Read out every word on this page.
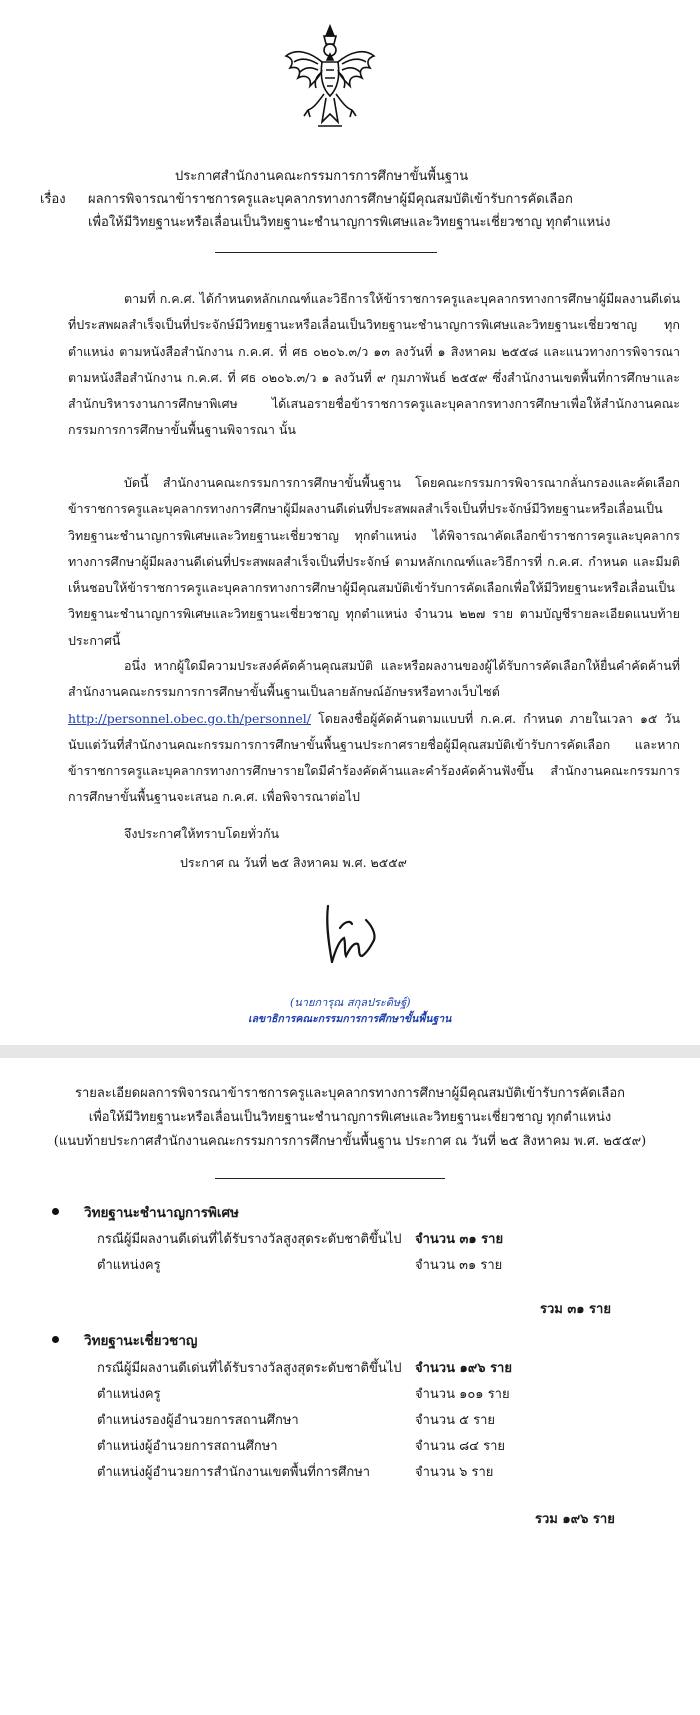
ประกาศสำนักงานคณะกรรมการการศึกษาขั้นพื้นฐาน
เรื่อง ผลการพิจารณาข้าราชการครูและบุคลากรทางการศึกษาผู้มีคุณสมบัติเข้ารับการคัดเลือก
เพื่อให้มีวิทยฐานะหรือเลื่อนเป็นวิทยฐานะชำนาญการพิเศษและวิทยฐานะเชี่ยวชาญ ทุกตำแหน่ง

ตามที่ ก.ค.ศ. ได้กำหนดหลักเกณฑ์และวิธีการให้ข้าราชการครูและบุคลากรทางการศึกษาผู้มีผลงานดีเด่นที่ประสพผลสำเร็จเป็นที่ประจักษ์มีวิทยฐานะหรือเลื่อนเป็นวิทยฐานะชำนาญการพิเศษและวิทยฐานะเชี่ยวชาญ ทุกตำแหน่ง ตามหนังสือสำนักงาน ก.ค.ศ. ที่ ศธ ๐๒๐๖.๓/ว ๑๓ ลงวันที่ ๑ สิงหาคม ๒๕๕๘ และแนวทางการพิจารณา ตามหนังสือสำนักงาน ก.ค.ศ. ที่ ศธ ๐๒๐๖.๓/ว ๑ ลงวันที่ ๙ กุมภาพันธ์ ๒๕๕๙ ซึ่งสำนักงานเขตพื้นที่การศึกษาและสำนักบริหารงานการศึกษาพิเศษ ได้เสนอรายชื่อข้าราชการครูและบุคลากรทางการศึกษาเพื่อให้สำนักงานคณะกรรมการการศึกษาขั้นพื้นฐานพิจารณา นั้น

บัดนี้ สำนักงานคณะกรรมการการศึกษาขั้นพื้นฐาน โดยคณะกรรมการพิจารณากลั่นกรองและคัดเลือกข้าราชการครูและบุคลากรทางการศึกษาผู้มีผลงานดีเด่นที่ประสพผลสำเร็จเป็นที่ประจักษ์มีวิทยฐานะหรือเลื่อนเป็นวิทยฐานะชำนาญการพิเศษและวิทยฐานะเชี่ยวชาญ ทุกตำแหน่ง ได้พิจารณาคัดเลือกข้าราชการครูและบุคลากรทางการศึกษาผู้มีผลงานดีเด่นที่ประสพผลสำเร็จเป็นที่ประจักษ์ ตามหลักเกณฑ์และวิธีการที่ ก.ค.ศ. กำหนด และมีมติเห็นชอบให้ข้าราชการครูและบุคลากรทางการศึกษาผู้มีคุณสมบัติเข้ารับการคัดเลือกเพื่อให้มีวิทยฐานะหรือเลื่อนเป็นวิทยฐานะชำนาญการพิเศษและวิทยฐานะเชี่ยวชาญ ทุกตำแหน่ง จำนวน ๒๒๗ ราย ตามบัญชีรายละเอียดแนบท้ายประกาศนี้

อนึ่ง หากผู้ใดมีความประสงค์คัดค้านคุณสมบัติ และหรือผลงานของผู้ได้รับการคัดเลือกให้ยื่นคำคัดค้านที่สำนักงานคณะกรรมการการศึกษาขั้นพื้นฐานเป็นลายลักษณ์อักษรหรือทางเว็บไซต์ http://personnel.obec.go.th/personnel/ โดยลงชื่อผู้คัดค้านตามแบบที่ ก.ค.ศ. กำหนด ภายในเวลา ๑๕ วัน นับแต่วันที่สำนักงานคณะกรรมการการศึกษาขั้นพื้นฐานประกาศรายชื่อผู้มีคุณสมบัติเข้ารับการคัดเลือก และหากข้าราชการครูและบุคลากรทางการศึกษารายใดมีคำร้องคัดค้านและคำร้องคัดค้านฟังขึ้น สำนักงานคณะกรรมการการศึกษาขั้นพื้นฐานจะเสนอ ก.ค.ศ. เพื่อพิจารณาต่อไป

จึงประกาศให้ทราบโดยทั่วกัน
ประกาศ ณ วันที่ ๒๕ สิงหาคม พ.ศ. ๒๕๕๙
(นายการุณ สกุลประดิษฐ์)
เลขาธิการคณะกรรมการการศึกษาขั้นพื้นฐาน
รายละเอียดผลการพิจารณาข้าราชการครูและบุคลากรทางการศึกษาผู้มีคุณสมบัติเข้ารับการคัดเลือก
เพื่อให้มีวิทยฐานะหรือเลื่อนเป็นวิทยฐานะชำนาญการพิเศษและวิทยฐานะเชี่ยวชาญ ทุกตำแหน่ง
(แนบท้ายประกาศสำนักงานคณะกรรมการการศึกษาขั้นพื้นฐาน ประกาศ ณ วันที่ ๒๕ สิงหาคม พ.ศ. ๒๕๕๙)
วิทยฐานะชำนาญการพิเศษ
กรณีผู้มีผลงานดีเด่นที่ได้รับรางวัลสูงสุดระดับชาติขึ้นไป จำนวน ๓๑ ราย
ตำแหน่งครู	จำนวน ๓๑ ราย
รวม ๓๑ ราย
วิทยฐานะเชี่ยวชาญ
กรณีผู้มีผลงานดีเด่นที่ได้รับรางวัลสูงสุดระดับชาติขึ้นไป จำนวน ๑๙๖ ราย
ตำแหน่งครู	จำนวน ๑๐๑ ราย
ตำแหน่งรองผู้อำนวยการสถานศึกษา	จำนวน ๕ ราย
ตำแหน่งผู้อำนวยการสถานศึกษา	จำนวน ๘๔ ราย
ตำแหน่งผู้อำนวยการสำนักงานเขตพื้นที่การศึกษา	จำนวน ๖ ราย
รวม ๑๙๖ ราย
